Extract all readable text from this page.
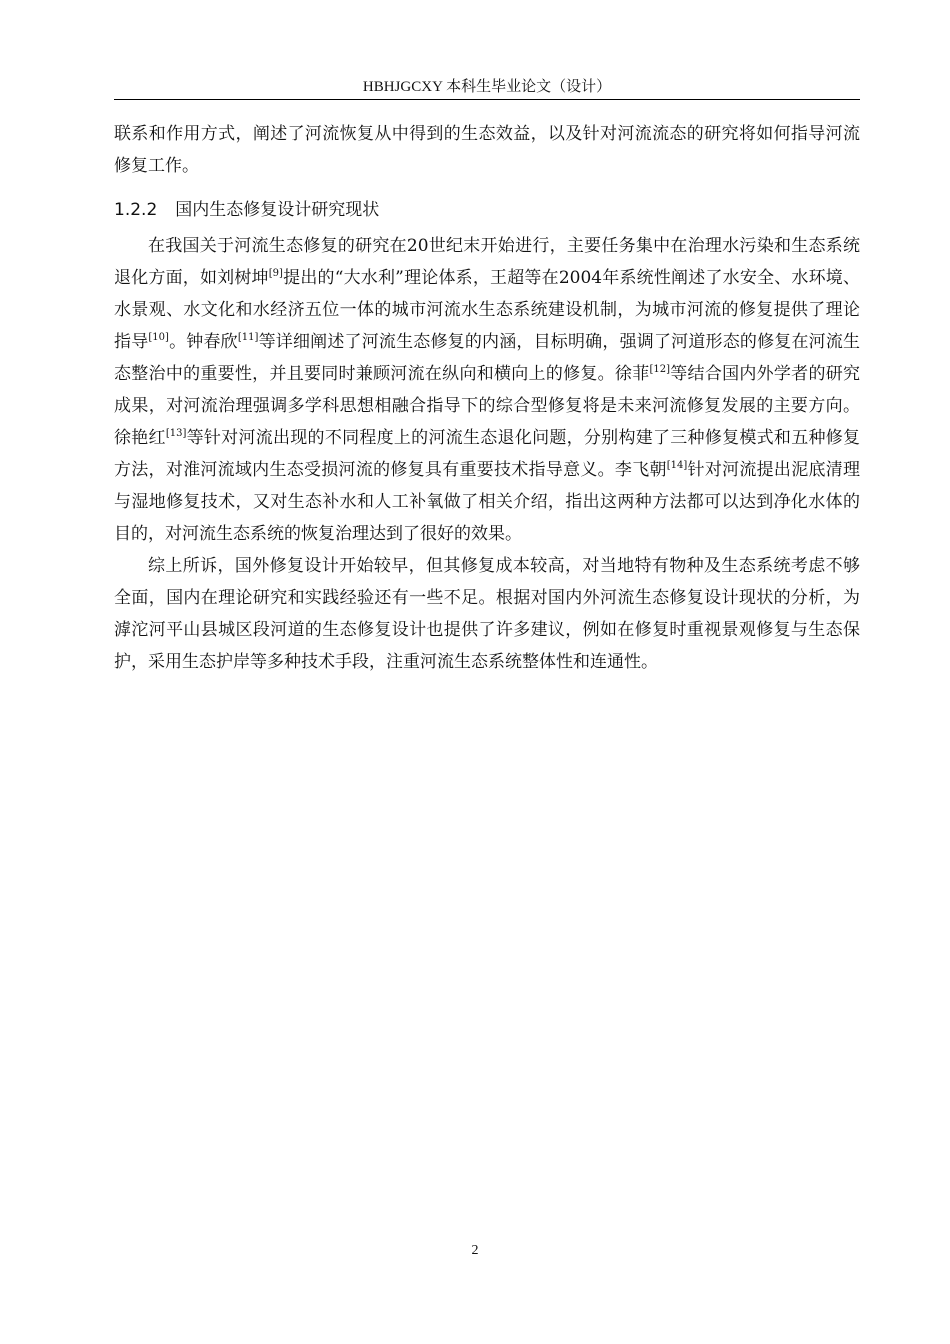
HBHJGCXY 本科生毕业论文（设计）

联系和作用方式，阐述了河流恢复从中得到的生态效益，以及针对河流流态的研究将如何指导河流修复工作。

1.2.2 国内生态修复设计研究现状

在我国关于河流生态修复的研究在20世纪末开始进行，主要任务集中在治理水污染和生态系统退化方面，如刘树坤[9]提出的“大水利”理论体系，王超等在2004年系统性阐述了水安全、水环境、水景观、水文化和水经济五位一体的城市河流水生态系统建设机制，为城市河流的修复提供了理论指导[10]。钟春欣[11]等详细阐述了河流生态修复的内涵，目标明确，强调了河道形态的修复在河流生态整治中的重要性，并且要同时兼顾河流在纵向和横向上的修复。徐菲[12]等结合国内外学者的研究成果，对河流治理强调多学科思想相融合指导下的综合型修复将是未来河流修复发展的主要方向。徐艳红[13]等针对河流出现的不同程度上的河流生态退化问题，分别构建了三种修复模式和五种修复方法，对淮河流域内生态受损河流的修复具有重要技术指导意义。李飞朝[14]针对河流提出泥底清理与湿地修复技术，又对生态补水和人工补氧做了相关介绍，指出这两种方法都可以达到净化水体的目的，对河流生态系统的恢复治理达到了很好的效果。

综上所诉，国外修复设计开始较早，但其修复成本较高，对当地特有物种及生态系统考虑不够全面，国内在理论研究和实践经验还有一些不足。根据对国内外河流生态修复设计现状的分析，为滹沱河平山县城区段河道的生态修复设计也提供了许多建议，例如在修复时重视景观修复与生态保护，采用生态护岸等多种技术手段，注重河流生态系统整体性和连通性。

2
